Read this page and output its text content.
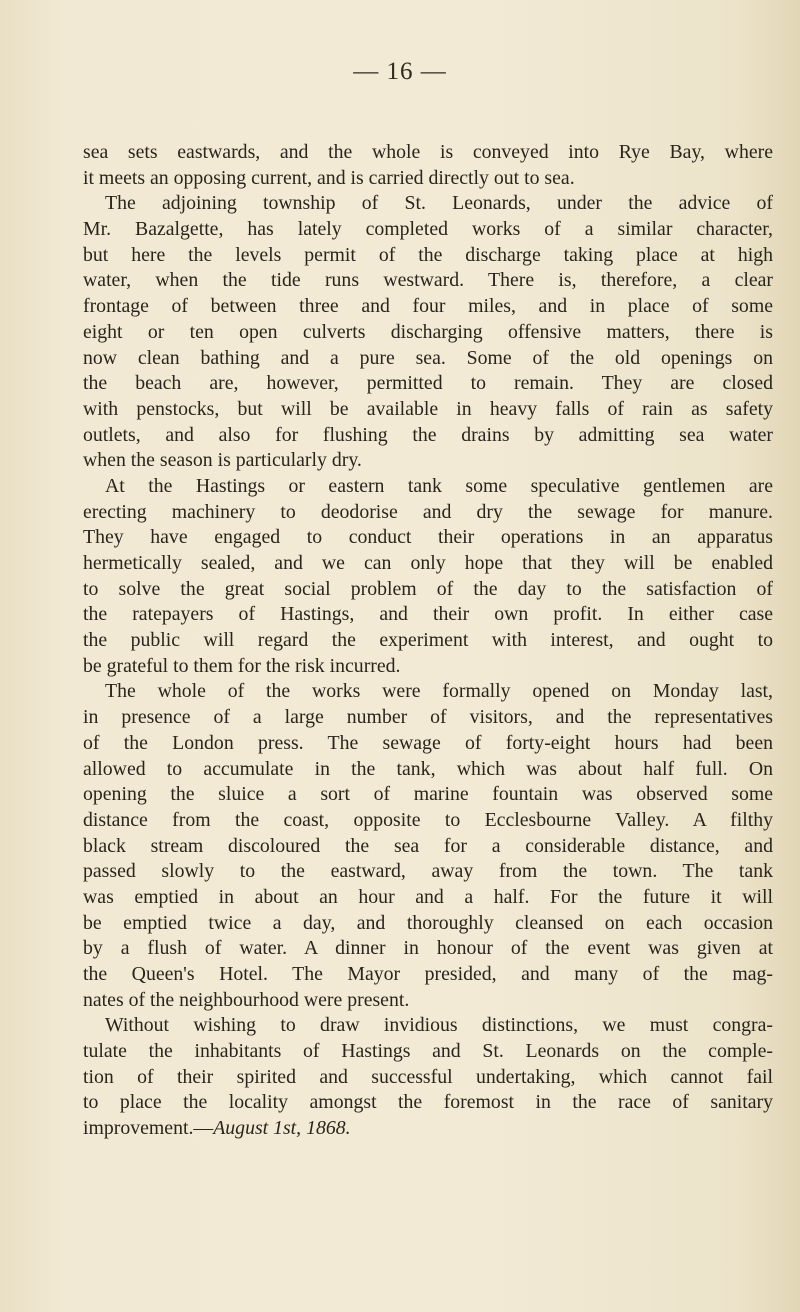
— 16 —
sea sets eastwards, and the whole is conveyed into Rye Bay, where
it meets an opposing current, and is carried directly out to sea.
The adjoining township of St. Leonards, under the advice of
Mr. Bazalgette, has lately completed works of a similar character,
but here the levels permit of the discharge taking place at high
water, when the tide runs westward. There is, therefore, a clear
frontage of between three and four miles, and in place of some
eight or ten open culverts discharging offensive matters, there is
now clean bathing and a pure sea. Some of the old openings on
the beach are, however, permitted to remain. They are closed
with penstocks, but will be available in heavy falls of rain as safety
outlets, and also for flushing the drains by admitting sea water
when the season is particularly dry.
At the Hastings or eastern tank some speculative gentlemen are
erecting machinery to deodorise and dry the sewage for manure.
They have engaged to conduct their operations in an apparatus
hermetically sealed, and we can only hope that they will be enabled
to solve the great social problem of the day to the satisfaction of
the ratepayers of Hastings, and their own profit. In either case
the public will regard the experiment with interest, and ought to
be grateful to them for the risk incurred.
The whole of the works were formally opened on Monday last,
in presence of a large number of visitors, and the representatives
of the London press. The sewage of forty-eight hours had been
allowed to accumulate in the tank, which was about half full. On
opening the sluice a sort of marine fountain was observed some
distance from the coast, opposite to Ecclesbourne Valley. A filthy
black stream discoloured the sea for a considerable distance, and
passed slowly to the eastward, away from the town. The tank
was emptied in about an hour and a half. For the future it will
be emptied twice a day, and thoroughly cleansed on each occasion
by a flush of water. A dinner in honour of the event was given at
the Queen's Hotel. The Mayor presided, and many of the mag-
nates of the neighbourhood were present.
Without wishing to draw invidious distinctions, we must congra-
tulate the inhabitants of Hastings and St. Leonards on the comple-
tion of their spirited and successful undertaking, which cannot fail
to place the locality amongst the foremost in the race of sanitary
improvement.—August 1st, 1868.
